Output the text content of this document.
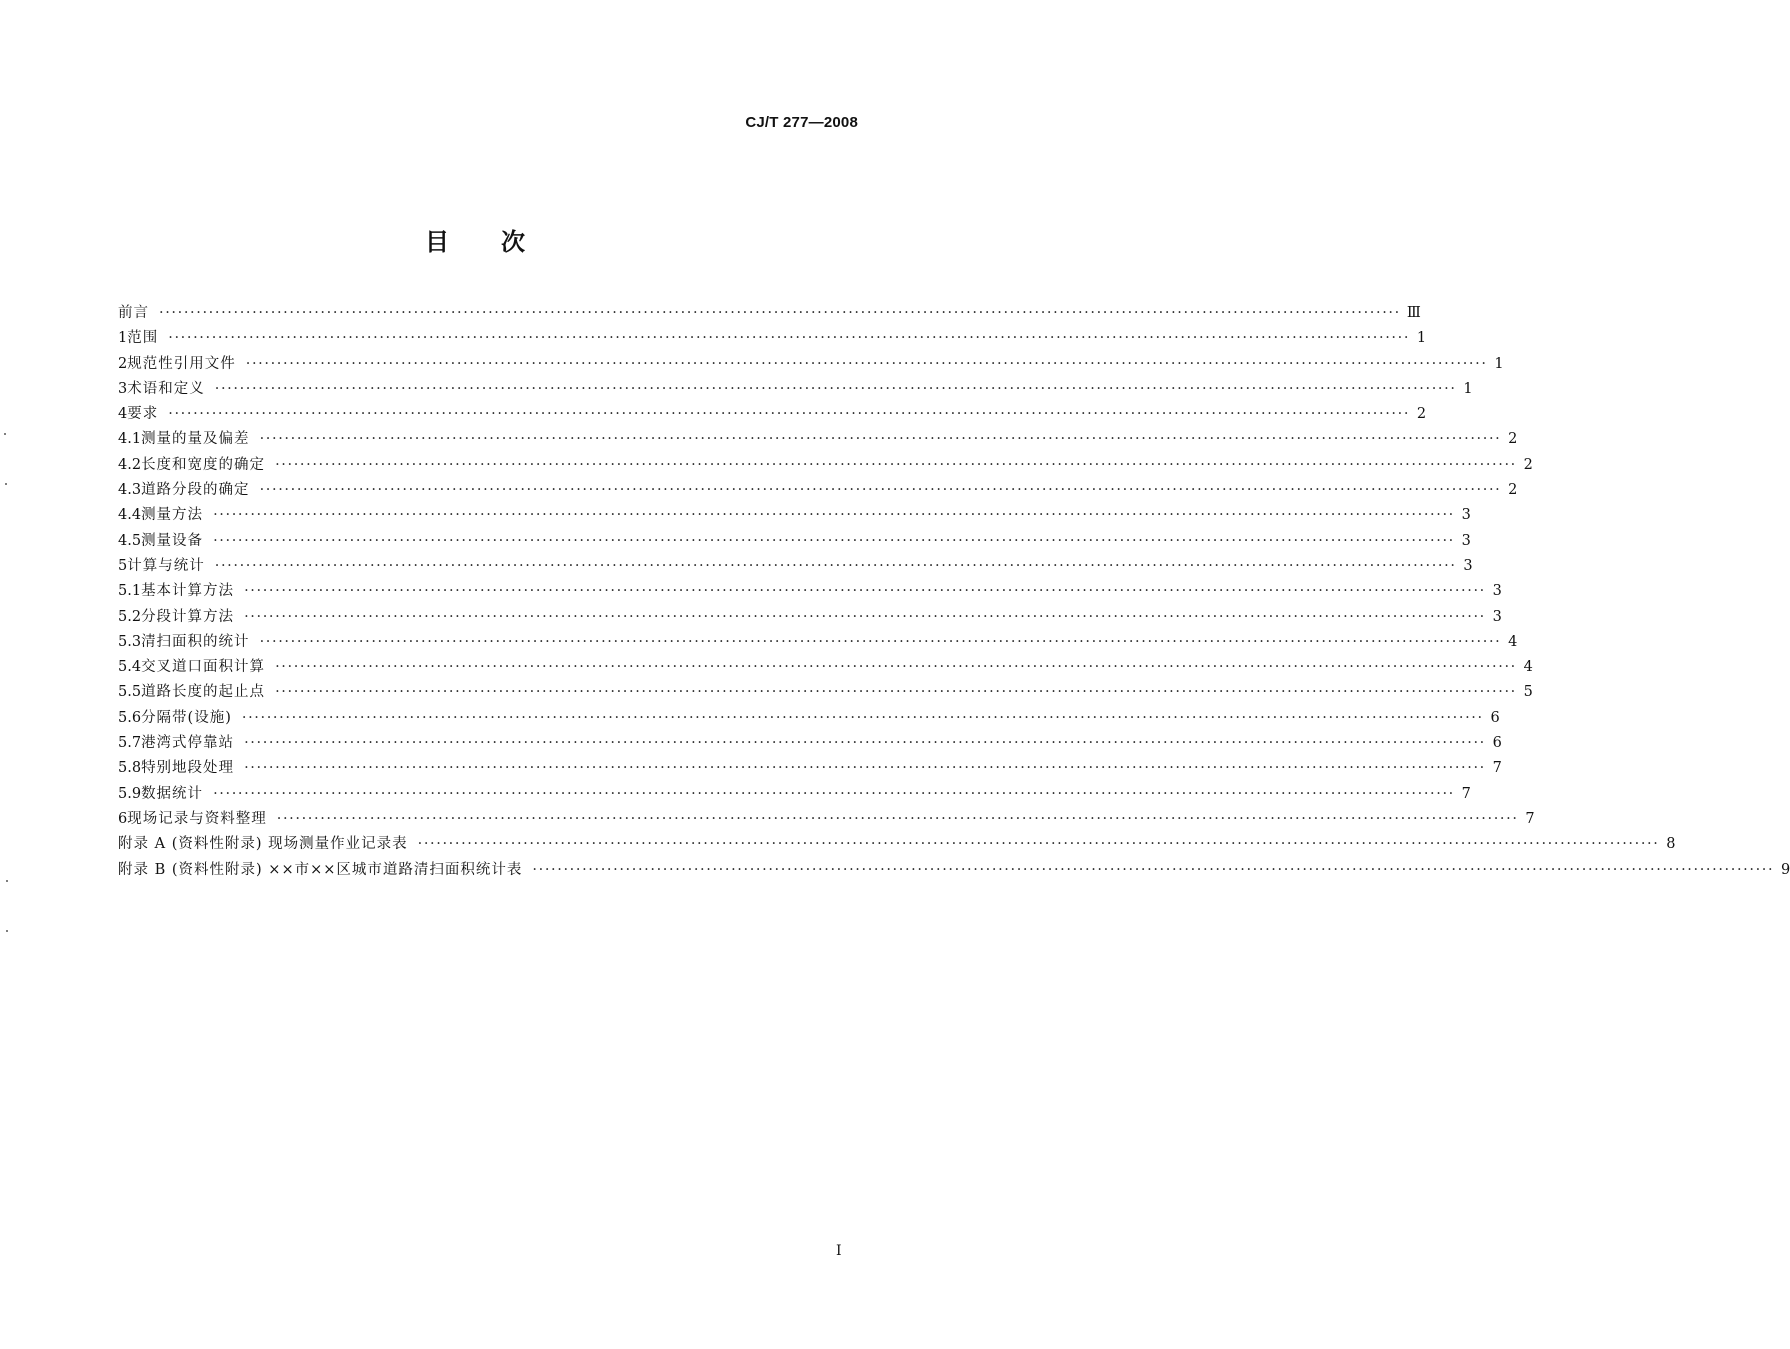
CJ/T 277—2008
目 次
前言 ········································································································································································································ Ⅲ
1 范围 ········································································································································································································ 1
2 规范性引用文件 ········································································································································································································ 1
3 术语和定义 ········································································································································································································ 1
4 要求 ········································································································································································································ 2
4.1 测量的量及偏差 ········································································································································································································ 2
4.2 长度和宽度的确定 ········································································································································································································ 2
4.3 道路分段的确定 ········································································································································································································ 2
4.4 测量方法 ········································································································································································································ 3
4.5 测量设备 ········································································································································································································ 3
5 计算与统计 ········································································································································································································ 3
5.1 基本计算方法 ········································································································································································································ 3
5.2 分段计算方法 ········································································································································································································ 3
5.3 清扫面积的统计 ········································································································································································································ 4
5.4 交叉道口面积计算 ········································································································································································································ 4
5.5 道路长度的起止点 ········································································································································································································ 5
5.6 分隔带(设施) ········································································································································································································ 6
5.7 港湾式停靠站 ········································································································································································································ 6
5.8 特别地段处理 ········································································································································································································ 7
5.9 数据统计 ········································································································································································································ 7
6 现场记录与资料整理 ········································································································································································································ 7
附录 A (资料性附录) 现场测量作业记录表 ········································································································································································································ 8
附录 B (资料性附录) ××市××区城市道路清扫面积统计表 ········································································································································································································ 9
I
